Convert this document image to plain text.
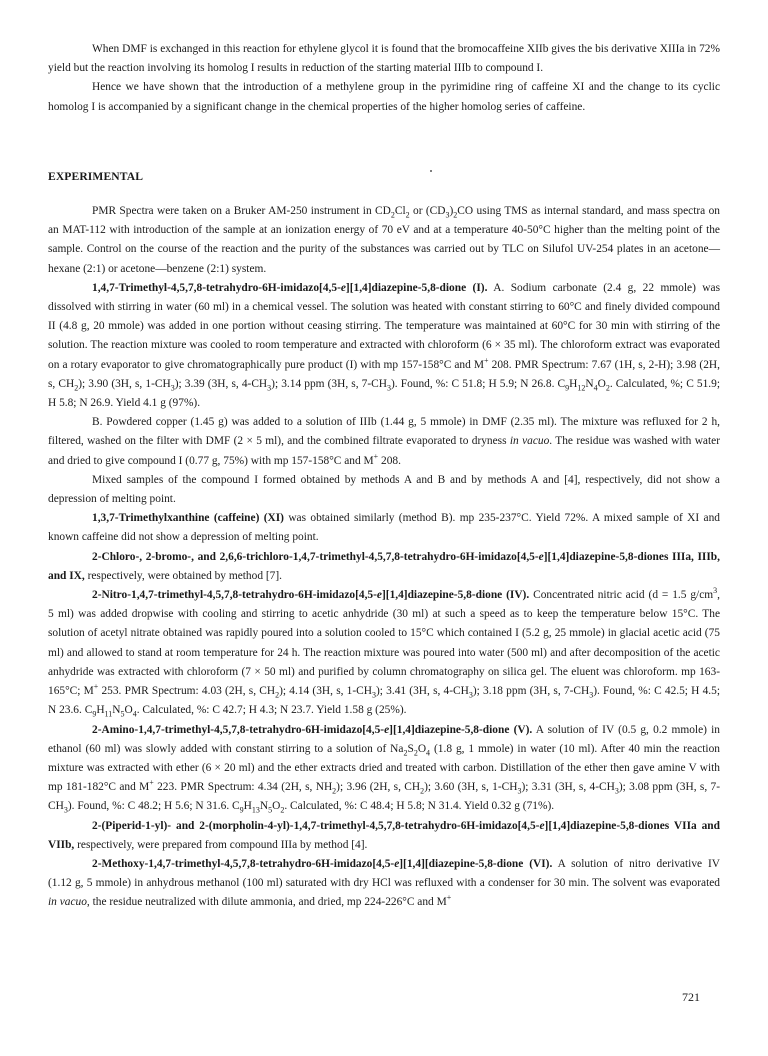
When DMF is exchanged in this reaction for ethylene glycol it is found that the bromocaffeine XIIb gives the bis derivative XIIIa in 72% yield but the reaction involving its homolog I results in reduction of the starting material IIIb to compound I.

Hence we have shown that the introduction of a methylene group in the pyrimidine ring of caffeine XI and the change to its cyclic homolog I is accompanied by a significant change in the chemical properties of the higher homolog series of caffeine.

EXPERIMENTAL

PMR Spectra were taken on a Bruker AM-250 instrument in $CD_2Cl_2$ or $(CD_3)_2CO$ using TMS as internal standard, and mass spectra on an MAT-112 with introduction of the sample at an ionization energy of 70 eV and at a temperature 40-50°C higher than the melting point of the sample. Control on the course of the reaction and the purity of the substances was carried out by TLC on Silufol UV-254 plates in an acetone—hexane (2:1) or acetone—benzene (2:1) system.

1,4,7-Trimethyl-4,5,7,8-tetrahydro-6H-imidazo[4,5-e][1,4]diazepine-5,8-dione (I). A. Sodium carbonate (2.4 g, 22 mmole) was dissolved with stirring in water (60 ml) in a chemical vessel. The solution was heated with constant stirring to 60°C and finely divided compound II (4.8 g, 20 mmole) was added in one portion without ceasing stirring. The temperature was maintained at 60°C for 30 min with stirring of the solution. The reaction mixture was cooled to room temperature and extracted with chloroform (6 × 35 ml). The chloroform extract was evaporated on a rotary evaporator to give chromatographically pure product (I) with mp 157-158°C and M+ 208. PMR Spectrum: 7.67 (1H, s, 2-H); 3.98 (2H, s, $CH_2$); 3.90 (3H, s, $1-CH_3$); 3.39 (3H, s, $4-CH_3$); 3.14 ppm (3H, s, $7-CH_3$). Found, %: C 51.8; H 5.9; N 26.8. $C_9H_{12}N_4O_2$. Calculated, %; C 51.9; H 5.8; N 26.9. Yield 4.1 g (97%).

B. Powdered copper (1.45 g) was added to a solution of IIIb (1.44 g, 5 mmole) in DMF (2.35 ml). The mixture was refluxed for 2 h, filtered, washed on the filter with DMF (2 × 5 ml), and the combined filtrate evaporated to dryness in vacuo. The residue was washed with water and dried to give compound I (0.77 g, 75%) with mp 157-158°C and M+ 208.

Mixed samples of the compound I formed obtained by methods A and B and by methods A and [4], respectively, did not show a depression of melting point.

1,3,7-Trimethylxanthine (caffeine) (XI) was obtained similarly (method B). mp 235-237°C. Yield 72%. A mixed sample of XI and known caffeine did not show a depression of melting point.

2-Chloro-, 2-bromo-, and 2,6,6-trichloro-1,4,7-trimethyl-4,5,7,8-tetrahydro-6H-imidazo[4,5-e][1,4]diazepine-5,8-diones IIIa, IIIb, and IX, respectively, were obtained by method [7].

2-Nitro-1,4,7-trimethyl-4,5,7,8-tetrahydro-6H-imidazo[4,5-e][1,4]diazepine-5,8-dione (IV). Concentrated nitric acid (d = 1.5 $g/cm^3$, 5 ml) was added dropwise with cooling and stirring to acetic anhydride (30 ml) at such a speed as to keep the temperature below 15°C. The solution of acetyl nitrate obtained was rapidly poured into a solution cooled to 15°C which contained I (5.2 g, 25 mmole) in glacial acetic acid (75 ml) and allowed to stand at room temperature for 24 h. The reaction mixture was poured into water (500 ml) and after decomposition of the acetic anhydride was extracted with chloroform (7 × 50 ml) and purified by column chromatography on silica gel. The eluent was chloroform. mp 163-165°C; M+ 253. PMR Spectrum: 4.03 (2H, s, $CH_2$); 4.14 (3H, s, $1-CH_3$); 3.41 (3H, s, $4-CH_3$); 3.18 ppm (3H, s, $7-CH_3$). Found, %: C 42.5; H 4.5; N 23.6. $C_9H_{11}N_5O_4$. Calculated, %: C 42.7; H 4.3; N 23.7. Yield 1.58 g (25%).

2-Amino-1,4,7-trimethyl-4,5,7,8-tetrahydro-6H-imidazo[4,5-e][1,4]diazepine-5,8-dione (V). A solution of IV (0.5 g, 0.2 mmole) in ethanol (60 ml) was slowly added with constant stirring to a solution of $Na_2S_2O_4$ (1.8 g, 1 mmole) in water (10 ml). After 40 min the reaction mixture was extracted with ether (6 × 20 ml) and the ether extracts dried and treated with carbon. Distillation of the ether then gave amine V with mp 181-182°C and M+ 223. PMR Spectrum: 4.34 (2H, s, $NH_2$); 3.96 (2H, s, $CH_2$); 3.60 (3H, s, $1-CH_3$); 3.31 (3H, s, $4-CH_3$); 3.08 ppm (3H, s, $7-CH_3$). Found, %: C 48.2; H 5.6; N 31.6. $C_9H_{13}N_5O_2$. Calculated, %: C 48.4; H 5.8; N 31.4. Yield 0.32 g (71%).

2-(Piperid-1-yl)- and 2-(morpholin-4-yl)-1,4,7-trimethyl-4,5,7,8-tetrahydro-6H-imidazo[4,5-e][1,4]diazepine-5,8-diones VIIa and VIIb, respectively, were prepared from compound IIIa by method [4].

2-Methoxy-1,4,7-trimethyl-4,5,7,8-tetrahydro-6H-imidazo[4,5-e][1,4][diazepine-5,8-dione (VI). A solution of nitro derivative IV (1.12 g, 5 mmole) in anhydrous methanol (100 ml) saturated with dry HCl was refluxed with a condenser for 30 min. The solvent was evaporated in vacuo, the residue neutralized with dilute ammonia, and dried, mp 224-226°C and M+

721
